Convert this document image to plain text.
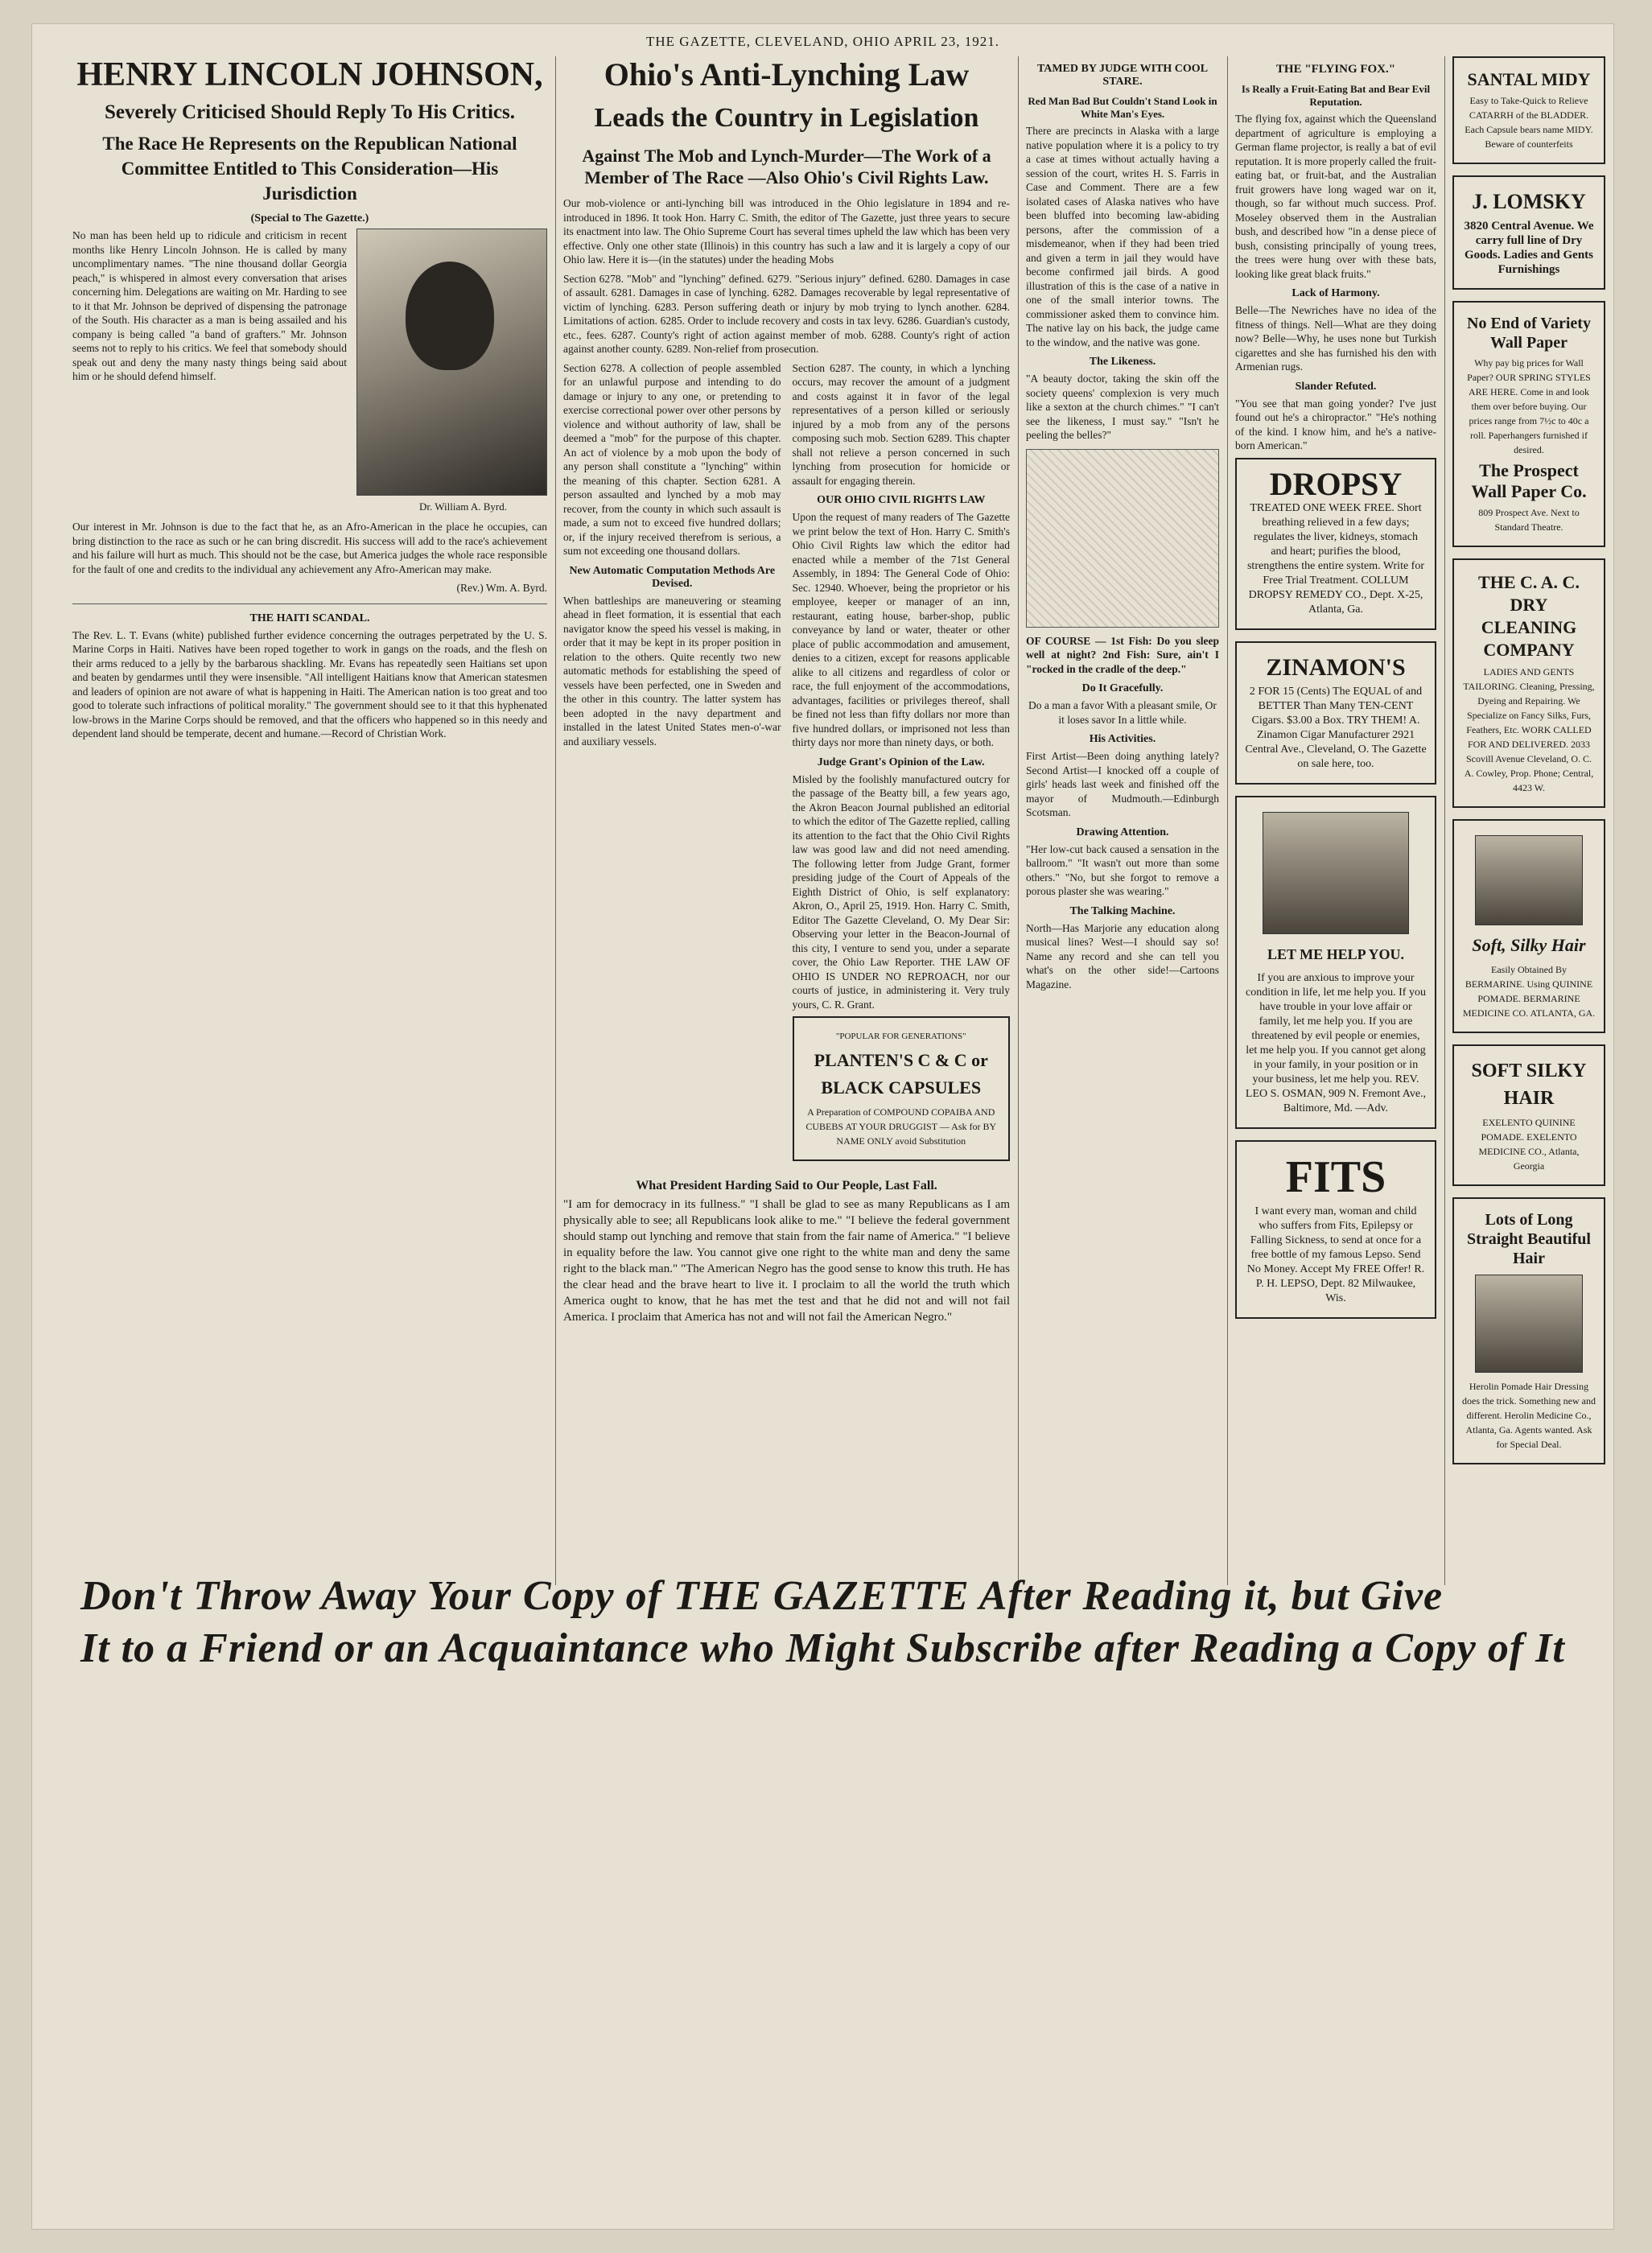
THE GAZETTE, CLEVELAND, OHIO APRIL 23, 1921.

HENRY LINCOLN JOHNSON,

Severely Criticised Should Reply To His Critics.

The Race He Represents on the Republican National Committee Entitled to This Consideration—His Jurisdiction

(Special to The Gazette.)

No man has been held up to ridicule and criticism in recent months like Henry Lincoln Johnson. He is called by many uncomplimentary names. "The nine thousand dollar Georgia peach," is whispered in almost every conversation that arises concerning him. Delegations are waiting on Mr. Harding to see to it that Mr. Johnson be deprived of dispensing the patronage of the South. His character as a man is being assailed and his company is being called "a band of grafters." Mr. Johnson seems not to reply to his critics. We feel that somebody should speak out and deny the many nasty things being said about him or he should defend himself.

Dr. William A. Byrd.

Our interest in Mr. Johnson is due to the fact that he, as an Afro-American in the place he occupies, can bring distinction to the race as such or he can bring discredit. His success will add to the race's achievement and his failure will hurt as much. This should not be the case, but America judges the whole race responsible for the fault of one and credits to the individual any achievement any Afro-American may make.

(Rev.) Wm. A. Byrd.

THE HAITI SCANDAL.

The Rev. L. T. Evans (white) published further evidence concerning the outrages perpetrated by the U. S. Marine Corps in Haiti. Natives have been roped together to work in gangs on the roads, and the flesh on their arms reduced to a jelly by the barbarous shackling. Mr. Evans has repeatedly seen Haitians set upon and beaten by gendarmes until they were insensible. "All intelligent Haitians know that American statesmen and leaders of opinion are not aware of what is happening in Haiti. The American nation is too great and too good to tolerate such infractions of political morality." The government should see to it that this hyphenated low-brows in the Marine Corps should be removed, and that the officers who happened so in this needy and dependent land should be temperate, decent and humane.—Record of Christian Work.

Ohio's Anti-Lynching Law

Leads the Country in Legislation

Against The Mob and Lynch-Murder—The Work of a Member of The Race —Also Ohio's Civil Rights Law.

Our mob-violence or anti-lynching bill was introduced in the Ohio legislature in 1894 and re-introduced in 1896. It took Hon. Harry C. Smith, the editor of The Gazette, just three years to secure its enactment into law. The Ohio Supreme Court has several times upheld the law which has been very effective. Only one other state (Illinois) in this country has such a law and it is largely a copy of our Ohio law. Here it is—(in the statutes) under the heading Mobs

Section 6278. "Mob" and "lynching" defined. 6279. "Serious injury" defined. 6280. Damages in case of assault. 6281. Damages in case of lynching. 6282. Damages recoverable by legal representative of victim of lynching. 6283. Person suffering death or injury by mob trying to lynch another. 6284. Limitations of action. 6285. Order to include recovery and costs in tax levy. 6286. Guardian's custody, etc., fees. 6287. County's right of action against member of mob. 6288. County's right of action against another county. 6289. Non-relief from prosecution.

Section 6278. A collection of people assembled for an unlawful purpose and intending to do damage or injury to any one, or pretending to exercise correctional power over other persons by violence and without authority of law, shall be deemed a "mob" for the purpose of this chapter. An act of violence by a mob upon the body of any person shall constitute a "lynching" within the meaning of this chapter. Section 6281. A person assaulted and lynched by a mob may recover, from the county in which such assault is made, a sum not to exceed five hundred dollars; or, if the injury received therefrom is serious, a sum not exceeding one thousand dollars.

New Automatic Computation Methods Are Devised.

When battleships are maneuvering or steaming ahead in fleet formation, it is essential that each navigator know the speed his vessel is making, in order that it may be kept in its proper position in relation to the others. Quite recently two new automatic methods for establishing the speed of vessels have been perfected, one in Sweden and the other in this country. The latter system has been adopted in the navy department and installed in the latest United States men-o'-war and auxiliary vessels.

Section 6287. The county, in which a lynching occurs, may recover the amount of a judgment and costs against it in favor of the legal representatives of a person killed or seriously injured by a mob from any of the persons composing such mob. Section 6289. This chapter shall not relieve a person concerned in such lynching from prosecution for homicide or assault for engaging therein.

OUR OHIO CIVIL RIGHTS LAW

Upon the request of many readers of The Gazette we print below the text of Hon. Harry C. Smith's Ohio Civil Rights law which the editor had enacted while a member of the 71st General Assembly, in 1894: The General Code of Ohio: Sec. 12940. Whoever, being the proprietor or his employee, keeper or manager of an inn, restaurant, eating house, barber-shop, public conveyance by land or water, theater or other place of public accommodation and amusement, denies to a citizen, except for reasons applicable alike to all citizens and regardless of color or race, the full enjoyment of the accommodations, advantages, facilities or privileges thereof, shall be fined not less than fifty dollars nor more than five hundred dollars, or imprisoned not less than thirty days nor more than ninety days, or both.

Judge Grant's Opinion of the Law.

Misled by the foolishly manufactured outcry for the passage of the Beatty bill, a few years ago, the Akron Beacon Journal published an editorial to which the editor of The Gazette replied, calling its attention to the fact that the Ohio Civil Rights law was good law and did not need amending. The following letter from Judge Grant, former presiding judge of the Court of Appeals of the Eighth District of Ohio, is self explanatory: Akron, O., April 25, 1919. Hon. Harry C. Smith, Editor The Gazette Cleveland, O. My Dear Sir: Observing your letter in the Beacon-Journal of this city, I venture to send you, under a separate cover, the Ohio Law Reporter. THE LAW OF OHIO IS UNDER NO REPROACH, nor our courts of justice, in administering it. Very truly yours, C. R. Grant.

"POPULAR FOR GENERATIONS"
PLANTEN'S C & C or BLACK CAPSULES
A Preparation of COMPOUND COPAIBA AND CUBEBS AT YOUR DRUGGIST — Ask for BY NAME ONLY avoid Substitution

What President Harding Said to Our People, Last Fall.

"I am for democracy in its fullness." "I shall be glad to see as many Republicans as I am physically able to see; all Republicans look alike to me." "I believe the federal government should stamp out lynching and remove that stain from the fair name of America." "I believe in equality before the law. You cannot give one right to the white man and deny the same right to the black man." "The American Negro has the good sense to know this truth. He has the clear head and the brave heart to live it. I proclaim to all the world the truth which America ought to know, that he has met the test and that he did not and will not fail America. I proclaim that America has not and will not fail the American Negro."

TAMED BY JUDGE WITH COOL STARE.

Red Man Bad But Couldn't Stand Look in White Man's Eyes.

There are precincts in Alaska with a large native population where it is a policy to try a case at times without actually having a session of the court, writes H. S. Farris in Case and Comment. There are a few isolated cases of Alaska natives who have been bluffed into becoming law-abiding persons, after the commission of a misdemeanor, when if they had been tried and given a term in jail they would have become confirmed jail birds. A good illustration of this is the case of a native in one of the small interior towns. The commissioner asked them to convince him. The native lay on his back, the judge came to the window, and the native was gone.

The Likeness.

"A beauty doctor, taking the skin off the society queens' complexion is very much like a sexton at the church chimes." "I can't see the likeness, I must say." "Isn't he peeling the belles?"

OF COURSE — 1st Fish: Do you sleep well at night? 2nd Fish: Sure, ain't I "rocked in the cradle of the deep."

Do It Gracefully.

Do a man a favor With a pleasant smile, Or it loses savor In a little while.

His Activities.

First Artist—Been doing anything lately? Second Artist—I knocked off a couple of girls' heads last week and finished off the mayor of Mudmouth.—Edinburgh Scotsman.

Drawing Attention.

"Her low-cut back caused a sensation in the ballroom." "It wasn't out more than some others." "No, but she forgot to remove a porous plaster she was wearing."

The Talking Machine.

North—Has Marjorie any education along musical lines? West—I should say so! Name any record and she can tell you what's on the other side!—Cartoons Magazine.

THE "FLYING FOX."

Is Really a Fruit-Eating Bat and Bear Evil Reputation.

The flying fox, against which the Queensland department of agriculture is employing a German flame projector, is really a bat of evil reputation. It is more properly called the fruit-eating bat, or fruit-bat, and the Australian fruit growers have long waged war on it, though, so far without much success. Prof. Moseley observed them in the Australian bush, and described how "in a dense piece of bush, consisting principally of young trees, the trees were hung over with these bats, looking like great black fruits."

Lack of Harmony.

Belle—The Newriches have no idea of the fitness of things. Nell—What are they doing now? Belle—Why, he uses none but Turkish cigarettes and she has furnished his den with Armenian rugs.

Slander Refuted.

"You see that man going yonder? I've just found out he's a chiropractor." "He's nothing of the kind. I know him, and he's a native-born American."

DROPSY
TREATED ONE WEEK FREE. Short breathing relieved in a few days; regulates the liver, kidneys, stomach and heart; purifies the blood, strengthens the entire system. Write for Free Trial Treatment. COLLUM DROPSY REMEDY CO., Dept. X-25, Atlanta, Ga.
ZINAMON'S
2 FOR 15 (Cents) The EQUAL of and BETTER Than Many TEN-CENT Cigars. $3.00 a Box. TRY THEM! A. Zinamon Cigar Manufacturer 2921 Central Ave., Cleveland, O. The Gazette on sale here, too.
LET ME HELP YOU.
If you are anxious to improve your condition in life, let me help you. If you have trouble in your love affair or family, let me help you. If you are threatened by evil people or enemies, let me help you. If you cannot get along in your family, in your position or in your business, let me help you. REV. LEO S. OSMAN, 909 N. Fremont Ave., Baltimore, Md. —Adv.
FITS
I want every man, woman and child who suffers from Fits, Epilepsy or Falling Sickness, to send at once for a free bottle of my famous Lepso. Send No Money. Accept My FREE Offer! R. P. H. LEPSO, Dept. 82 Milwaukee, Wis.
SANTAL MIDY
Easy to Take-Quick to Relieve CATARRH of the BLADDER. Each Capsule bears name MIDY. Beware of counterfeits
J. LOMSKY
3820 Central Avenue. We carry full line of Dry Goods. Ladies and Gents Furnishings
No End of Variety Wall Paper
Why pay big prices for Wall Paper? OUR SPRING STYLES ARE HERE. Come in and look them over before buying. Our prices range from 7½c to 40c a roll. Paperhangers furnished if desired.
The Prospect Wall Paper Co.
809 Prospect Ave. Next to Standard Theatre.
THE C. A. C. DRY CLEANING COMPANY
LADIES AND GENTS TAILORING. Cleaning, Pressing, Dyeing and Repairing. We Specialize on Fancy Silks, Furs, Feathers, Etc. WORK CALLED FOR AND DELIVERED. 2033 Scovill Avenue Cleveland, O. C. A. Cowley, Prop. Phone; Central, 4423 W.
Soft, Silky Hair
Easily Obtained By BERMARINE. Using QUININE POMADE. BERMARINE MEDICINE CO. ATLANTA, GA.
SOFT SILKY HAIR
EXELENTO QUININE POMADE. EXELENTO MEDICINE CO., Atlanta, Georgia
Lots of Long Straight Beautiful Hair
Herolin Pomade Hair Dressing does the trick. Something new and different. Herolin Medicine Co., Atlanta, Ga. Agents wanted. Ask for Special Deal.
Don't Throw Away Your Copy of THE GAZETTE After Reading it, but Give
It to a Friend or an Acquaintance who Might Subscribe after Reading a Copy of It
